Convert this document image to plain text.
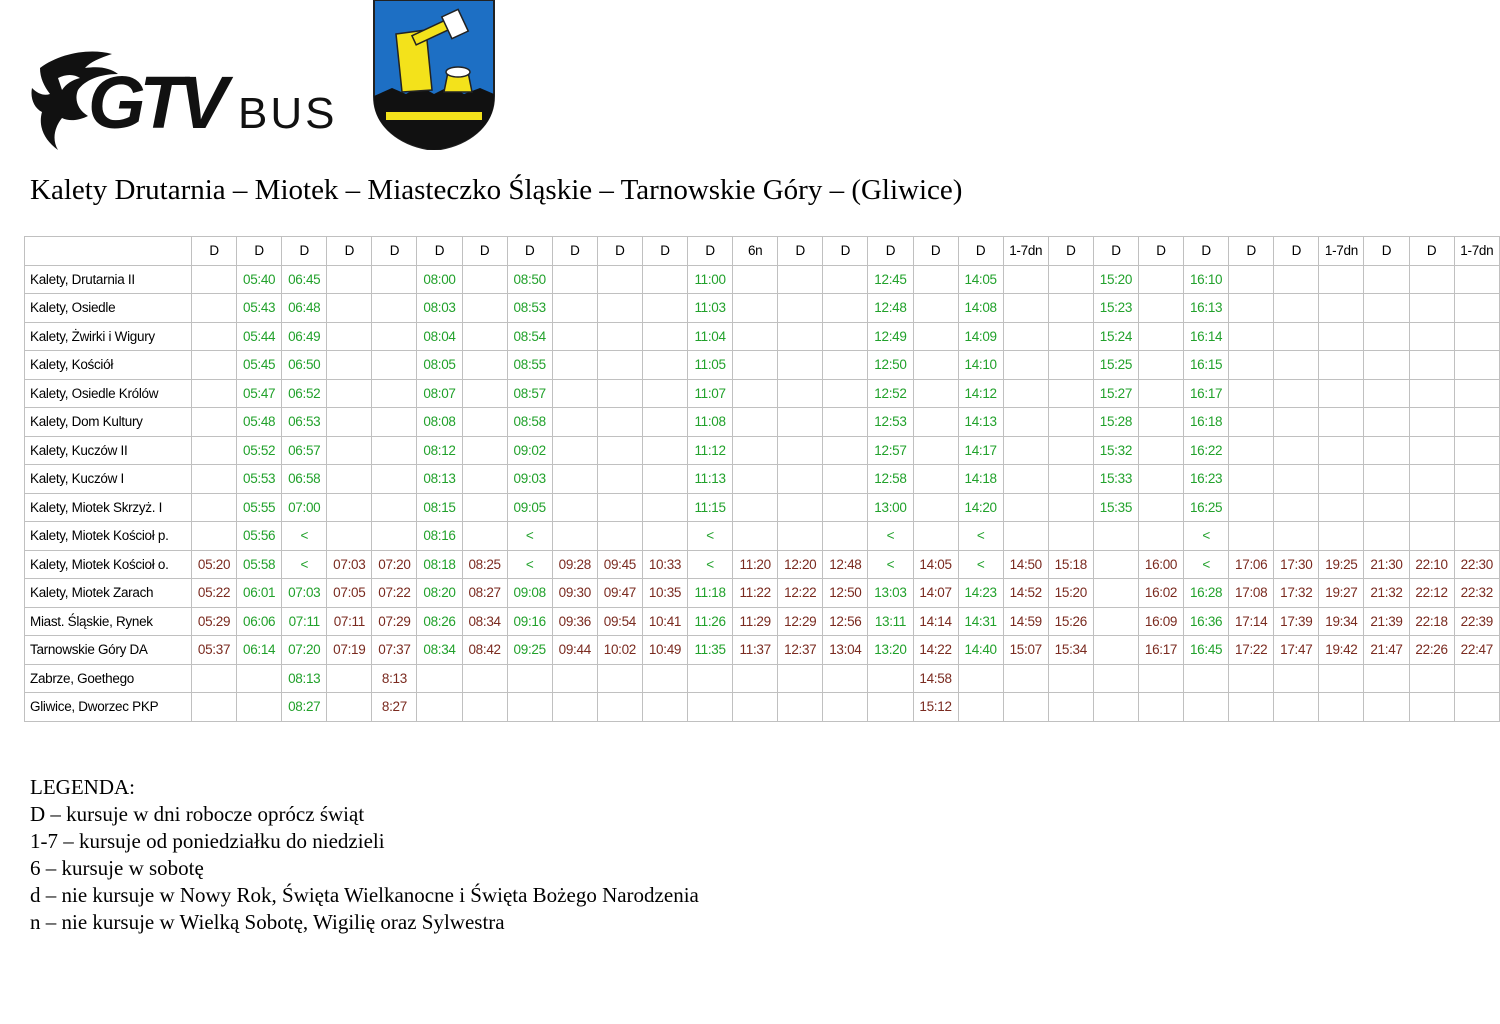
GTV BUS
Kalety Drutarnia – Miotek – Miasteczko Śląskie – Tarnowskie Góry – (Gliwice)
	D	D	D	D	D	D	D	D	D	D	D	D	6n	D	D	D	D	D	1-7dn	D	D	D	D	D	D	1-7dn	D	D	1-7dn
Kalety, Drutarnia II		05:40	06:45			08:00		08:50				11:00				12:45		14:05			15:20		16:10						
Kalety, Osiedle		05:43	06:48			08:03		08:53				11:03				12:48		14:08			15:23		16:13						
Kalety, Żwirki i Wigury		05:44	06:49			08:04		08:54				11:04				12:49		14:09			15:24		16:14						
Kalety, Kościół		05:45	06:50			08:05		08:55				11:05				12:50		14:10			15:25		16:15						
Kalety, Osiedle Królów		05:47	06:52			08:07		08:57				11:07				12:52		14:12			15:27		16:17						
Kalety, Dom Kultury		05:48	06:53			08:08		08:58				11:08				12:53		14:13			15:28		16:18						
Kalety, Kuczów II		05:52	06:57			08:12		09:02				11:12				12:57		14:17			15:32		16:22						
Kalety, Kuczów I		05:53	06:58			08:13		09:03				11:13				12:58		14:18			15:33		16:23						
Kalety, Miotek Skrzyż. I		05:55	07:00			08:15		09:05				11:15				13:00		14:20			15:35		16:25						
Kalety, Miotek Kościoł p.		05:56	<			08:16		<				<				<		<					<						
Kalety, Miotek Kościoł o.	05:20	05:58	<	07:03	07:20	08:18	08:25	<	09:28	09:45	10:33	<	11:20	12:20	12:48	<	14:05	<	14:50	15:18		16:00	<	17:06	17:30	19:25	21:30	22:10	22:30
Kalety, Miotek Zarach	05:22	06:01	07:03	07:05	07:22	08:20	08:27	09:08	09:30	09:47	10:35	11:18	11:22	12:22	12:50	13:03	14:07	14:23	14:52	15:20		16:02	16:28	17:08	17:32	19:27	21:32	22:12	22:32
Miast. Śląskie, Rynek	05:29	06:06	07:11	07:11	07:29	08:26	08:34	09:16	09:36	09:54	10:41	11:26	11:29	12:29	12:56	13:11	14:14	14:31	14:59	15:26		16:09	16:36	17:14	17:39	19:34	21:39	22:18	22:39
Tarnowskie Góry DA	05:37	06:14	07:20	07:19	07:37	08:34	08:42	09:25	09:44	10:02	10:49	11:35	11:37	12:37	13:04	13:20	14:22	14:40	15:07	15:34		16:17	16:45	17:22	17:47	19:42	21:47	22:26	22:47
Zabrze, Goethego			08:13		8:13												14:58												
Gliwice, Dworzec PKP			08:27		8:27												15:12												
LEGENDA:
D – kursuje w dni robocze oprócz świąt
1-7 – kursuje od poniedziałku do niedzieli
6 – kursuje w sobotę
d – nie kursuje w Nowy Rok, Święta Wielkanocne i Święta Bożego Narodzenia
n – nie kursuje w Wielką Sobotę, Wigilię oraz Sylwestra
